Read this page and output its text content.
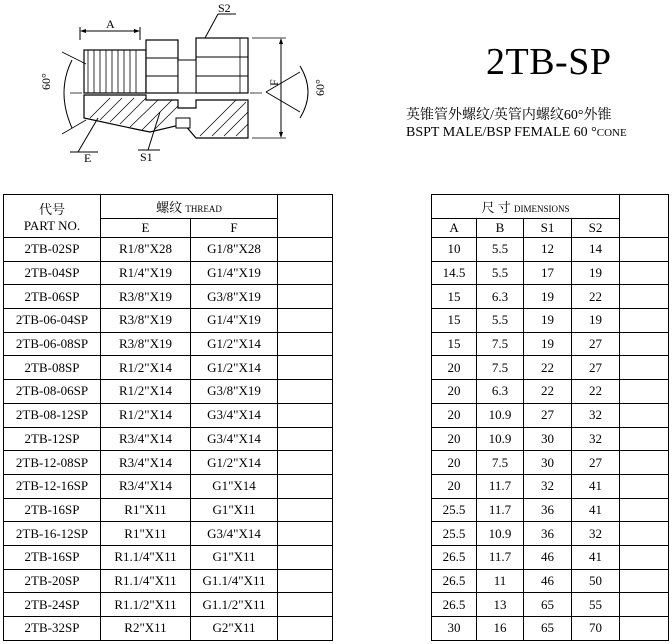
A
S2
F	60°
60°
E	S1
2TB-SP
英锥管外螺纹/英管内螺纹60°外锥
BSPT MALE/BSP FEMALE 60 °CONE
代号
PART NO.	螺纹 THREAD				尺 寸 DIMENSIONS				
	E	F			A	B	S1	S2	
2TB-02SP	R1/8"X28	G1/8"X28			10	5.5	12	14	
2TB-04SP	R1/4"X19	G1/4"X19			14.5	5.5	17	19	
2TB-06SP	R3/8"X19	G3/8"X19			15	6.3	19	22	
2TB-06-04SP	R3/8"X19	G1/4"X19			15	5.5	19	19	
2TB-06-08SP	R3/8"X19	G1/2"X14			15	7.5	19	27	
2TB-08SP	R1/2"X14	G1/2"X14			20	7.5	22	27	
2TB-08-06SP	R1/2"X14	G3/8"X19			20	6.3	22	22	
2TB-08-12SP	R1/2"X14	G3/4"X14			20	10.9	27	32	
2TB-12SP	R3/4"X14	G3/4"X14			20	10.9	30	32	
2TB-12-08SP	R3/4"X14	G1/2"X14			20	7.5	30	27	
2TB-12-16SP	R3/4"X14	G1"X14			20	11.7	32	41	
2TB-16SP	R1"X11	G1"X11			25.5	11.7	36	41	
2TB-16-12SP	R1"X11	G3/4"X14			25.5	10.9	36	32	
2TB-16SP	R1.1/4"X11	G1"X11			26.5	11.7	46	41	
2TB-20SP	R1.1/4"X11	G1.1/4"X11			26.5	11	46	50	
2TB-24SP	R1.1/2"X11	G1.1/2"X11			26.5	13	65	55	
2TB-32SP	R2"X11	G2"X11			30	16	65	70	
